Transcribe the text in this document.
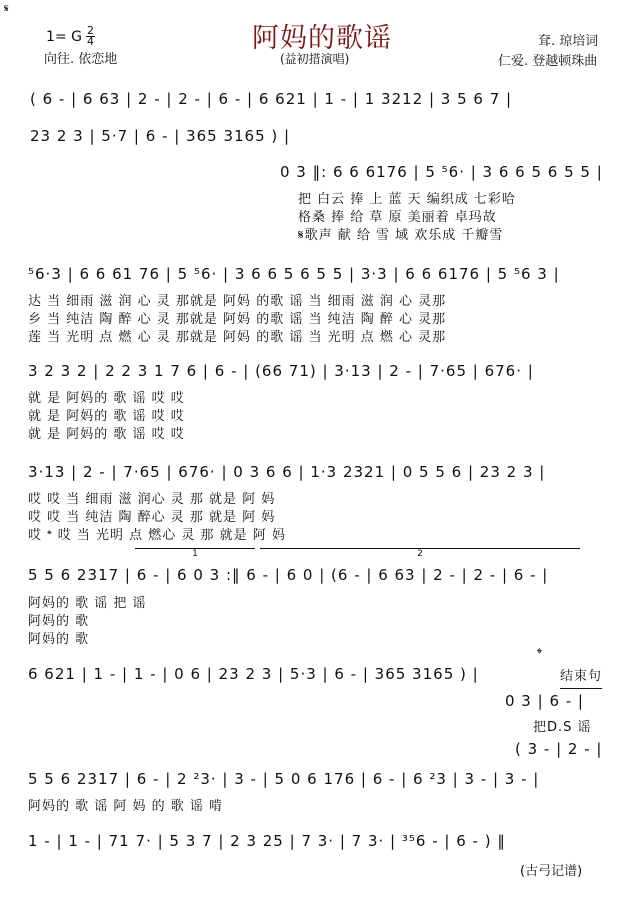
𝄋
1= G $\frac{2}{4}$
向往. 依恋地
阿妈的歌谣
(益初措演唱)
耷. 琼培词
仁爱. 登越顿珠曲
( 6 - | 6 63 | 2 - | 2 - | 6 - | 6 621 | 1 - | 1 3212 | 3 5 6 7 |
23 2 3 | 5·7 | 6 - | 365 3165 ) |
0 3 ‖: 6 6 6176 | 5 ⁵6· | 3 6 6 5 6 5 5 |
把 白云 捧 上 蓝 天 编织成 七彩哈
格桑 捧 给 草 原 美丽着 卓玛故
𝄋歌声 献 给 雪 域 欢乐成 千瓣雪
⁵6·3 | 6 6 61 76 | 5 ⁵6· | 3 6 6 5 6 5 5 | 3·3 | 6 6 6176 | 5 ⁵6 3 |
达 当 细雨 滋 润 心 灵 那就是 阿妈 的歌 谣 当 细雨 滋 润 心 灵那
乡 当 纯洁 陶 醉 心 灵 那就是 阿妈 的歌 谣 当 纯洁 陶 醉 心 灵那
莲 当 光明 点 燃 心 灵 那就是 阿妈 的歌 谣 当 光明 点 燃 心 灵那
3 2 3 2 | 2 2 3 1 7 6 | 6 - | (66 71) | 3·13 | 2 - | 7·65 | 676· |
就 是 阿妈的 歌 谣 哎 哎
就 是 阿妈的 歌 谣 哎 哎
就 是 阿妈的 歌 谣 哎 哎
3·13 | 2 - | 7·65 | 676· | 0 3 6 6 | 1·3 2321 | 0 5 5 6 | 23 2 3 |
哎 哎 当 细雨 滋 润心 灵 那 就是 阿 妈
哎 哎 当 纯洁 陶 醉心 灵 那 就是 阿 妈
哎 𝄌 哎 当 光明 点 燃心 灵 那 就是 阿 妈
1	2
5 5 6 2317 | 6 - | 6 0 3 :‖ 6 - | 6 0 | (6 - | 6 63 | 2 - | 2 - | 6 - |
阿妈的 歌 谣 把 谣
阿妈的 歌
阿妈的 歌
6 621 | 1 - | 1 - | 0 6 | 23 2 3 | 5·3 | 6 - | 365 3165 ) |
𝄌
结束句
0 3 | 6 - |
把D.S 谣
( 3 - | 2 - |
5 5 6 2317 | 6 - | 2 ²3· | 3 - | 5 0 6 176 | 6 - | 6 ²3 | 3 - | 3 - |
阿妈的 歌 谣 阿 妈 的 歌 谣 啃
1 - | 1 - | 71 7· | 5 3 7 | 2 3 25 | 7 3· | 7 3· | ³⁵6 - | 6 - ) ‖
(古弓记谱)
